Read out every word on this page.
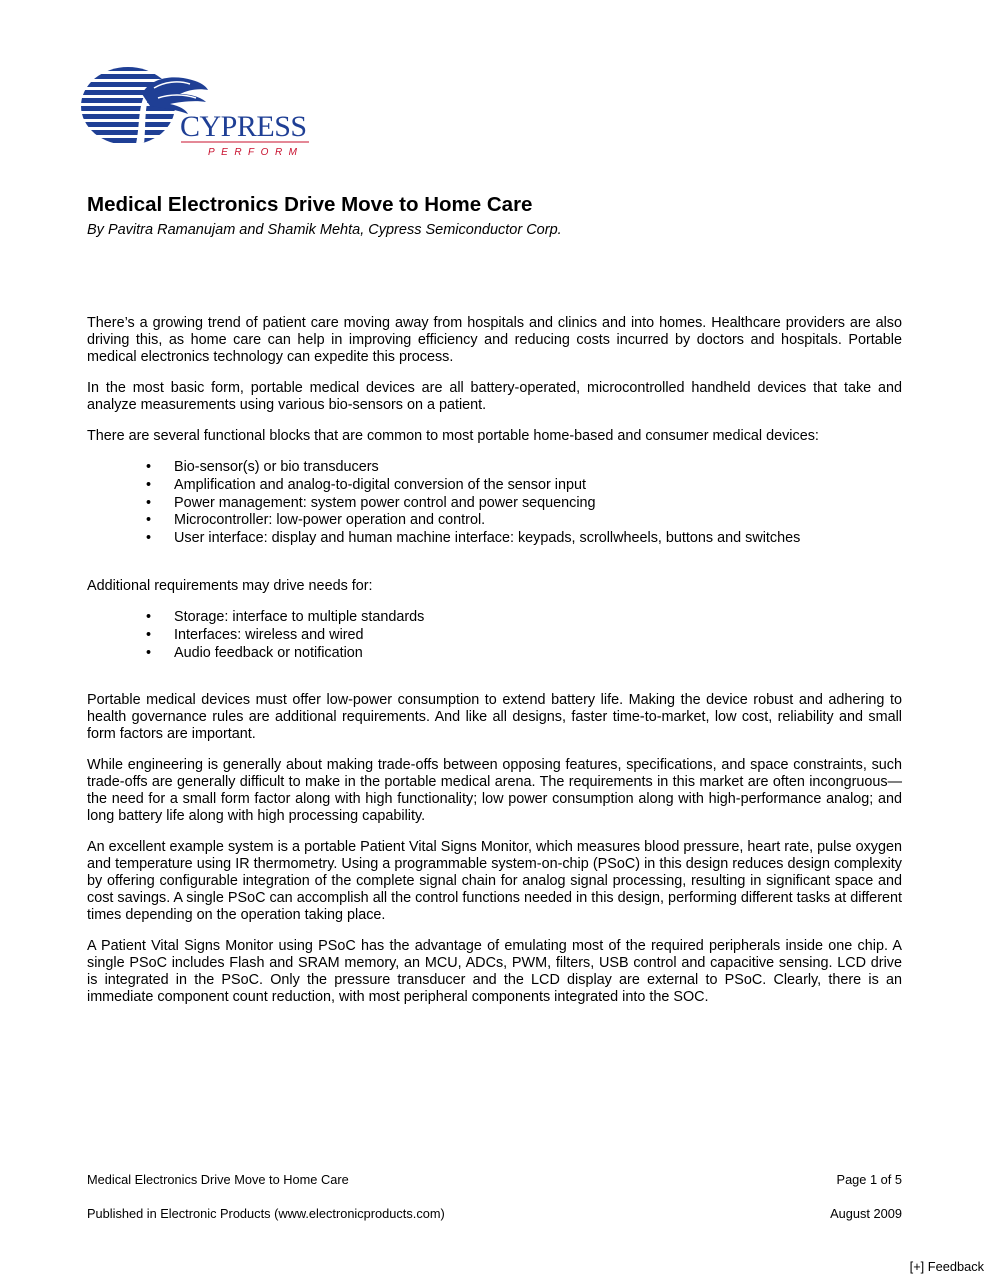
CYPRESS
PERFORM
Medical Electronics Drive Move to Home Care

By Pavitra Ramanujam and Shamik Mehta, Cypress Semiconductor Corp.

There’s a growing trend of patient care moving away from hospitals and clinics and into homes. Healthcare providers are also driving this, as home care can help in improving efficiency and reducing costs incurred by doctors and hospitals. Portable medical electronics technology can expedite this process.

In the most basic form, portable medical devices are all battery-operated, microcontrolled handheld devices that take and analyze measurements using various bio-sensors on a patient.

There are several functional blocks that are common to most portable home-based and consumer medical devices:

• Bio-sensor(s) or bio transducers
• Amplification and analog-to-digital conversion of the sensor input
• Power management: system power control and power sequencing
• Microcontroller: low-power operation and control.
• User interface: display and human machine interface: keypads, scrollwheels, buttons and switches

Additional requirements may drive needs for:

• Storage: interface to multiple standards
• Interfaces: wireless and wired
• Audio feedback or notification

Portable medical devices must offer low-power consumption to extend battery life. Making the device robust and adhering to health governance rules are additional requirements. And like all designs, faster time-to-market, low cost, reliability and small form factors are important.

While engineering is generally about making trade-offs between opposing features, specifications, and space constraints, such trade-offs are generally difficult to make in the portable medical arena. The requirements in this market are often incongruous—the need for a small form factor along with high functionality; low power consumption along with high-performance analog; and long battery life along with high processing capability.

An excellent example system is a portable Patient Vital Signs Monitor, which measures blood pressure, heart rate, pulse oxygen and temperature using IR thermometry. Using a programmable system-on-chip (PSoC) in this design reduces design complexity by offering configurable integration of the complete signal chain for analog signal processing, resulting in significant space and cost savings. A single PSoC can accomplish all the control functions needed in this design, performing different tasks at different times depending on the operation taking place.

A Patient Vital Signs Monitor using PSoC has the advantage of emulating most of the required peripherals inside one chip. A single PSoC includes Flash and SRAM memory, an MCU, ADCs, PWM, filters, USB control and capacitive sensing. LCD drive is integrated in the PSoC. Only the pressure transducer and the LCD display are external to PSoC. Clearly, there is an immediate component count reduction, with most peripheral components integrated into the SOC.

Medical Electronics Drive Move to Home Care	Page 1 of 5
Published in Electronic Products (www.electronicproducts.com)	August 2009
[+] Feedback
